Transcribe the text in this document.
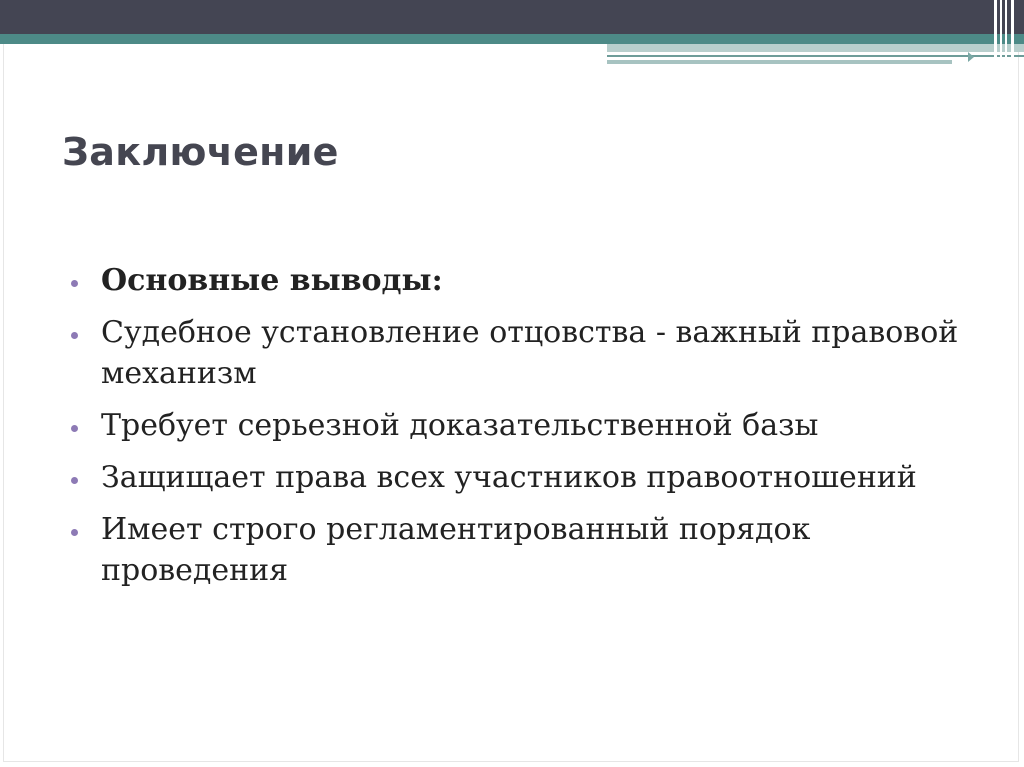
Заключение
Основные выводы:
Судебное установление отцовства - важный правовой механизм
Требует серьезной доказательственной базы
Защищает права всех участников правоотношений
Имеет строго регламентированный порядок проведения
